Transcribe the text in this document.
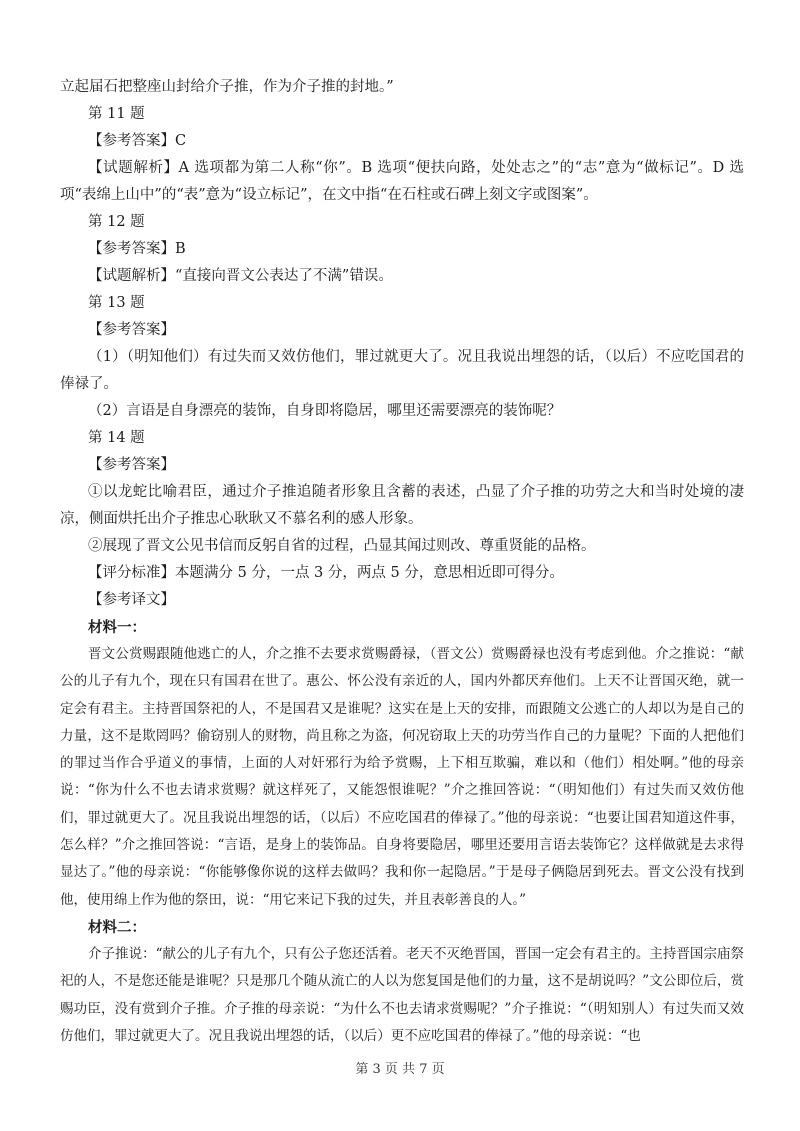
立起届石把整座山封给介子推，作为介子推的封地。”

第 11 题

【参考答案】C

【试题解析】A 选项都为第二人称“你”。B 选项“便扶向路，处处志之”的“志”意为“做标记”。D 选项“表绵上山中”的“表”意为“设立标记”，在文中指“在石柱或石碑上刻文字或图案”。

第 12 题

【参考答案】B

【试题解析】“直接向晋文公表达了不满”错误。

第 13 题

【参考答案】

（1）（明知他们）有过失而又效仿他们，罪过就更大了。况且我说出埋怨的话，（以后）不应吃国君的俸禄了。

（2）言语是自身漂亮的装饰，自身即将隐居，哪里还需要漂亮的装饰呢？

第 14 题

【参考答案】

①以龙蛇比喻君臣，通过介子推追随者形象且含蓄的表述，凸显了介子推的功劳之大和当时处境的凄凉，侧面烘托出介子推忠心耿耿又不慕名利的感人形象。

②展现了晋文公见书信而反躬自省的过程，凸显其闻过则改、尊重贤能的品格。

【评分标准】本题满分 5 分，一点 3 分，两点 5 分，意思相近即可得分。

【参考译文】

材料一：

晋文公赏赐跟随他逃亡的人，介之推不去要求赏赐爵禄，（晋文公）赏赐爵禄也没有考虑到他。介之推说：“献公的儿子有九个，现在只有国君在世了。惠公、怀公没有亲近的人，国内外都厌弃他们。上天不让晋国灭绝，就一定会有君主。主持晋国祭祀的人，不是国君又是谁呢？这实在是上天的安排，而跟随文公逃亡的人却以为是自己的力量，这不是欺罔吗？偷窃别人的财物，尚且称之为盗，何况窃取上天的功劳当作自己的力量呢？下面的人把他们的罪过当作合乎道义的事情，上面的人对奸邪行为给予赏赐，上下相互欺骗，难以和（他们）相处啊。”他的母亲说：“你为什么不也去请求赏赐？就这样死了，又能怨恨谁呢？”介之推回答说：“（明知他们）有过失而又效仿他们，罪过就更大了。况且我说出埋怨的话，（以后）不应吃国君的俸禄了。”他的母亲说：“也要让国君知道这件事，怎么样？”介之推回答说：“言语，是身上的装饰品。自身将要隐居，哪里还要用言语去装饰它？这样做就是去求得显达了。”他的母亲说：“你能够像你说的这样去做吗？我和你一起隐居。”于是母子俩隐居到死去。晋文公没有找到他，使用绵上作为他的祭田，说：“用它来记下我的过失，并且表彰善良的人。”

材料二：

介子推说：“献公的儿子有九个，只有公子您还活着。老天不灭绝晋国，晋国一定会有君主的。主持晋国宗庙祭祀的人，不是您还能是谁呢？只是那几个随从流亡的人以为您复国是他们的力量，这不是胡说吗？”文公即位后，赏赐功臣，没有赏到介子推。介子推的母亲说：“为什么不也去请求赏赐呢？”介子推说：“（明知别人）有过失而又效仿他们，罪过就更大了。况且我说出埋怨的话，（以后）更不应吃国君的俸禄了。”他的母亲说：“也

第 3 页 共 7 页
